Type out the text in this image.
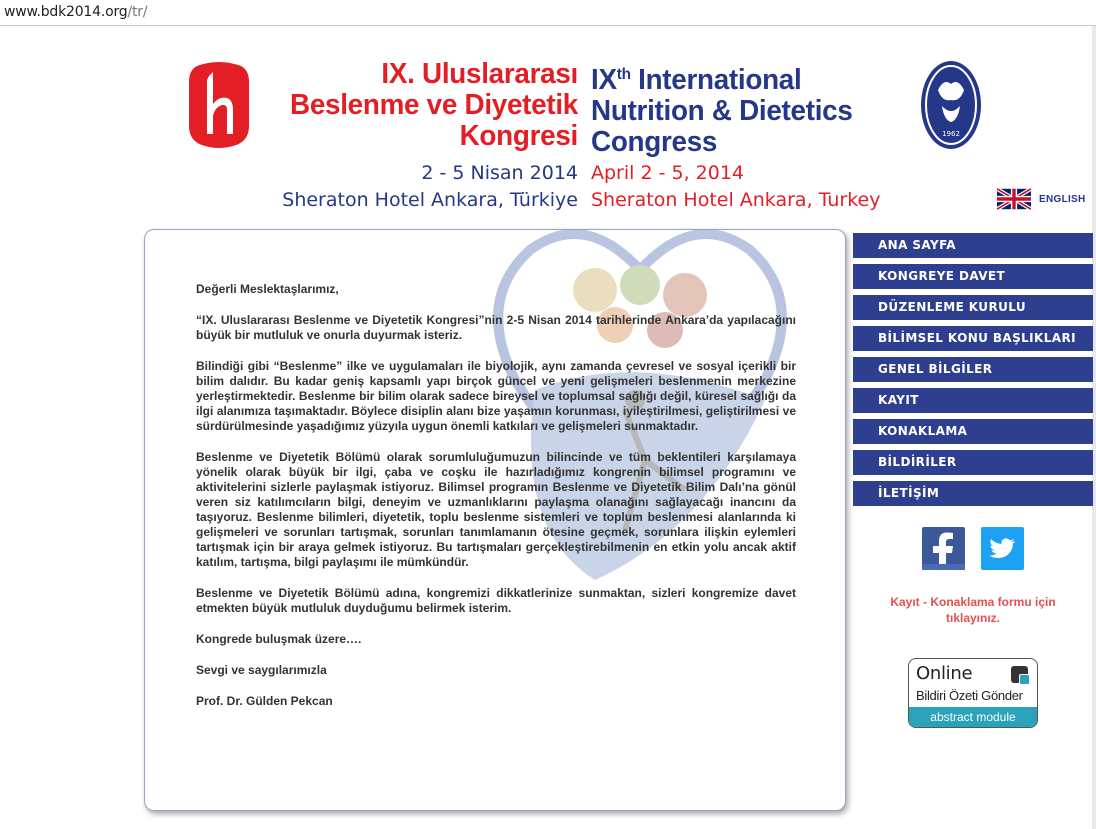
www.bdk2014.org/tr/
IX. Uluslararası
Beslenme ve Diyetetik
Kongresi
IXth International
Nutrition & Dietetics
Congress
2 - 5 Nisan 2014
Sheraton Hotel Ankara, Türkiye
April 2 - 5, 2014
Sheraton Hotel Ankara, Turkey
1962
ENGLISH

Değerli Meslektaşlarımız,

“IX. Uluslararası Beslenme ve Diyetetik Kongresi”nin 2-5 Nisan 2014 tarihlerinde Ankara’da yapılacağını büyük bir mutluluk ve onurla duyurmak isteriz.

Bilindiği gibi “Beslenme” ilke ve uygulamaları ile biyolojik, aynı zamanda çevresel ve sosyal içerikli bir bilim dalıdır. Bu kadar geniş kapsamlı yapı birçok güncel ve yeni gelişmeleri beslenmenin merkezine yerleştirmektedir. Beslenme bir bilim olarak sadece bireysel ve toplumsal sağlığı değil, küresel sağlığı da ilgi alanımıza taşımaktadır. Böylece disiplin alanı bize yaşamın korunması, iyileştirilmesi, geliştirilmesi ve sürdürülmesinde yaşadığımız yüzyıla uygun önemli katkıları ve gelişmeleri sunmaktadır.

Beslenme ve Diyetetik Bölümü olarak sorumluluğumuzun bilincinde ve tüm beklentileri karşılamaya yönelik olarak büyük bir ilgi, çaba ve coşku ile hazırladığımız kongrenin bilimsel programını ve aktivitelerini sizlerle paylaşmak istiyoruz. Bilimsel programın Beslenme ve Diyetetik Bilim Dalı’na gönül veren siz katılımcıların bilgi, deneyim ve uzmanlıklarını paylaşma olanağını sağlayacağı inancını da taşıyoruz. Beslenme bilimleri, diyetetik, toplu beslenme sistemleri ve toplum beslenmesi alanlarında ki gelişmeleri ve sorunları tartışmak, sorunları tanımlamanın ötesine geçmek, sorunlara ilişkin eylemleri tartışmak için bir araya gelmek istiyoruz. Bu tartışmaları gerçekleştirebilmenin en etkin yolu ancak aktif katılım, tartışma, bilgi paylaşımı ile mümkündür.

Beslenme ve Diyetetik Bölümü adına, kongremizi dikkatlerinize sunmaktan, sizleri kongremize davet etmekten büyük mutluluk duyduğumu belirmek isterim.

Kongrede buluşmak üzere….

Sevgi ve saygılarımızla

Prof. Dr. Gülden Pekcan

ANA SAYFA
KONGREYE DAVET
DÜZENLEME KURULU
BİLİMSEL KONU BAŞLIKLARI
GENEL BİLGİLER
KAYIT
KONAKLAMA
BİLDİRİLER
İLETİŞİM
Kayıt - Konaklama formu için tıklayınız.
Online
Bildiri Özeti Gönder
abstract module
